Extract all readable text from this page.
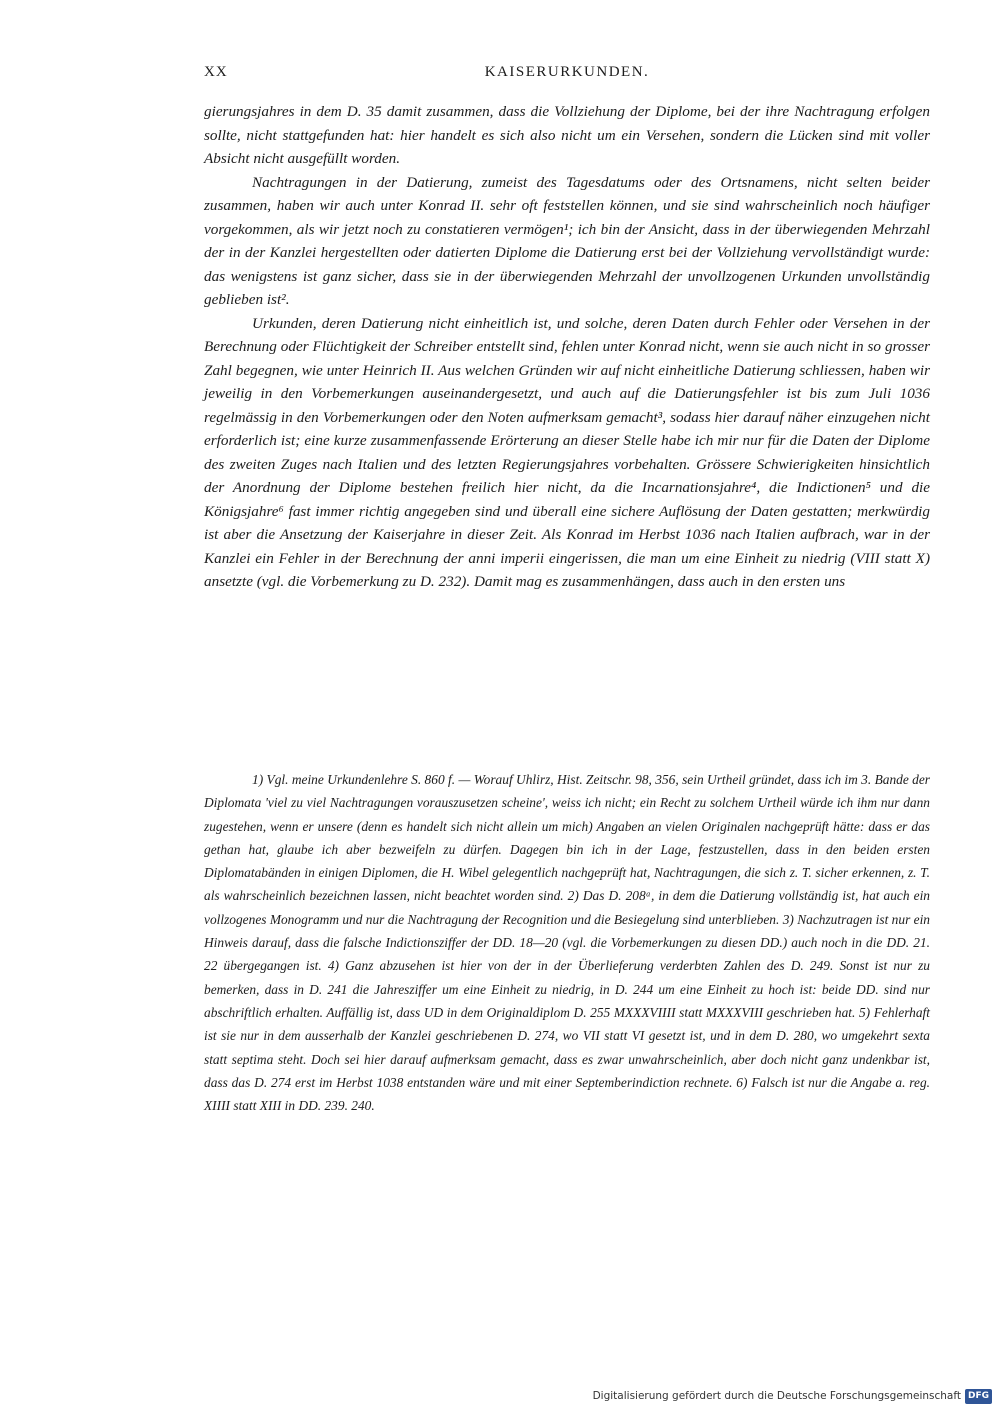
XX	KAISERURKUNDEN.

gierungsjahres in dem D. 35 damit zusammen, dass die Vollziehung der Diplome, bei der ihre Nachtragung erfolgen sollte, nicht stattgefunden hat: hier handelt es sich also nicht um ein Versehen, sondern die Lücken sind mit voller Absicht nicht ausgefüllt worden.

Nachtragungen in der Datierung, zumeist des Tagesdatums oder des Ortsnamens, nicht selten beider zusammen, haben wir auch unter Konrad II. sehr oft feststellen können, und sie sind wahrscheinlich noch häufiger vorgekommen, als wir jetzt noch zu constatieren vermögen¹; ich bin der Ansicht, dass in der überwiegenden Mehrzahl der in der Kanzlei hergestellten oder datierten Diplome die Datierung erst bei der Vollziehung vervollständigt wurde: das wenigstens ist ganz sicher, dass sie in der überwiegenden Mehrzahl der unvollzogenen Urkunden unvollständig geblieben ist².

Urkunden, deren Datierung nicht einheitlich ist, und solche, deren Daten durch Fehler oder Versehen in der Berechnung oder Flüchtigkeit der Schreiber entstellt sind, fehlen unter Konrad nicht, wenn sie auch nicht in so grosser Zahl begegnen, wie unter Heinrich II. Aus welchen Gründen wir auf nicht einheitliche Datierung schliessen, haben wir jeweilig in den Vorbemerkungen auseinandergesetzt, und auch auf die Datierungsfehler ist bis zum Juli 1036 regelmässig in den Vorbemerkungen oder den Noten aufmerksam gemacht³, sodass hier darauf näher einzugehen nicht erforderlich ist; eine kurze zusammenfassende Erörterung an dieser Stelle habe ich mir nur für die Daten der Diplome des zweiten Zuges nach Italien und des letzten Regierungsjahres vorbehalten. Grössere Schwierigkeiten hinsichtlich der Anordnung der Diplome bestehen freilich hier nicht, da die Incarnationsjahre⁴, die Indictionen⁵ und die Königsjahre⁶ fast immer richtig angegeben sind und überall eine sichere Auflösung der Daten gestatten; merkwürdig ist aber die Ansetzung der Kaiserjahre in dieser Zeit. Als Konrad im Herbst 1036 nach Italien aufbrach, war in der Kanzlei ein Fehler in der Berechnung der anni imperii eingerissen, die man um eine Einheit zu niedrig (VIII statt X) ansetzte (vgl. die Vorbemerkung zu D. 232). Damit mag es zusammenhängen, dass auch in den ersten uns

1) Vgl. meine Urkundenlehre S. 860 f. — Worauf Uhlirz, Hist. Zeitschr. 98, 356, sein Urtheil gründet, dass ich im 3. Bande der Diplomata 'viel zu viel Nachtragungen vorauszusetzen scheine', weiss ich nicht; ein Recht zu solchem Urtheil würde ich ihm nur dann zugestehen, wenn er unsere (denn es handelt sich nicht allein um mich) Angaben an vielen Originalen nachgeprüft hätte: dass er das gethan hat, glaube ich aber bezweifeln zu dürfen. Dagegen bin ich in der Lage, festzustellen, dass in den beiden ersten Diplomatabänden in einigen Diplomen, die H. Wibel gelegentlich nachgeprüft hat, Nachtragungen, die sich z. T. sicher erkennen, z. T. als wahrscheinlich bezeichnen lassen, nicht beachtet worden sind. 2) Das D. 208ᵃ, in dem die Datierung vollständig ist, hat auch ein vollzogenes Monogramm und nur die Nachtragung der Recognition und die Besiegelung sind unterblieben. 3) Nachzutragen ist nur ein Hinweis darauf, dass die falsche Indictionsziffer der DD. 18—20 (vgl. die Vorbemerkungen zu diesen DD.) auch noch in die DD. 21. 22 übergegangen ist. 4) Ganz abzusehen ist hier von der in der Überlieferung verderbten Zahlen des D. 249. Sonst ist nur zu bemerken, dass in D. 241 die Jahresziffer um eine Einheit zu niedrig, in D. 244 um eine Einheit zu hoch ist: beide DD. sind nur abschriftlich erhalten. Auffällig ist, dass UD in dem Originaldiplom D. 255 MXXXVIIII statt MXXXVIII geschrieben hat. 5) Fehlerhaft ist sie nur in dem ausserhalb der Kanzlei geschriebenen D. 274, wo VII statt VI gesetzt ist, und in dem D. 280, wo umgekehrt sexta statt septima steht. Doch sei hier darauf aufmerksam gemacht, dass es zwar unwahrscheinlich, aber doch nicht ganz undenkbar ist, dass das D. 274 erst im Herbst 1038 entstanden wäre und mit einer Septemberindiction rechnete. 6) Falsch ist nur die Angabe a. reg. XIIII statt XIII in DD. 239. 240.

Digitalisierung gefördert durch die Deutsche Forschungsgemeinschaft DFG
